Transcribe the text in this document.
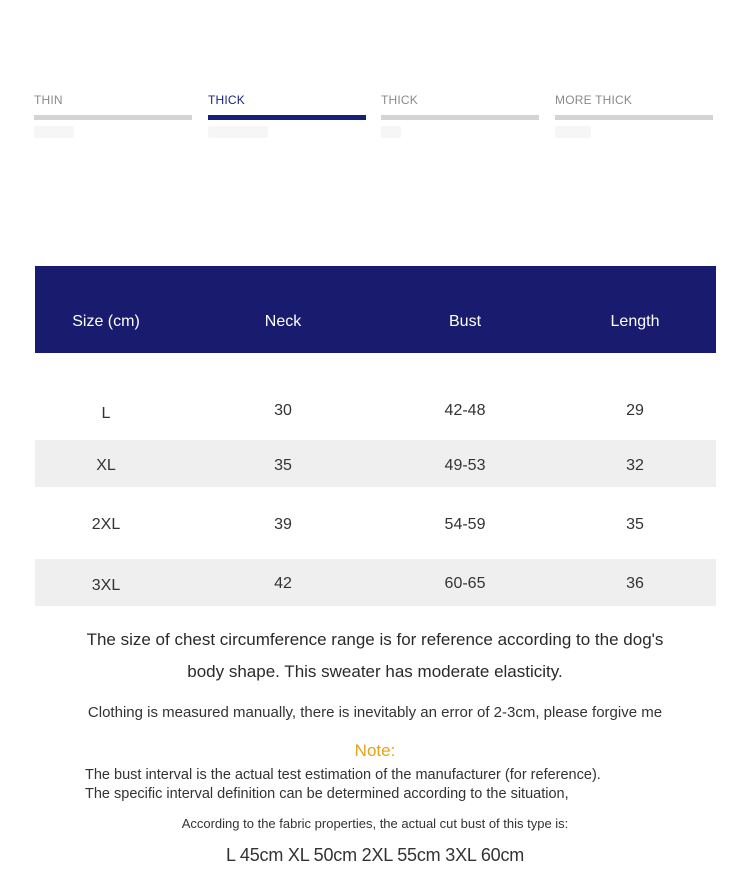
THIN	THICK	THICK	MORE THICK
Size (cm)	Neck	Bust	Length
L	30	42-48	29
XL	35	49-53	32
2XL	39	54-59	35
3XL	42	60-65	36
The size of chest circumference range is for reference according to the dog's
body shape. This sweater has moderate elasticity.
Clothing is measured manually, there is inevitably an error of 2-3cm, please forgive me
Note:
The bust interval is the actual test estimation of the manufacturer (for reference).
The specific interval definition can be determined according to the situation,
According to the fabric properties, the actual cut bust of this type is:
L 45cm XL 50cm 2XL 55cm 3XL 60cm
